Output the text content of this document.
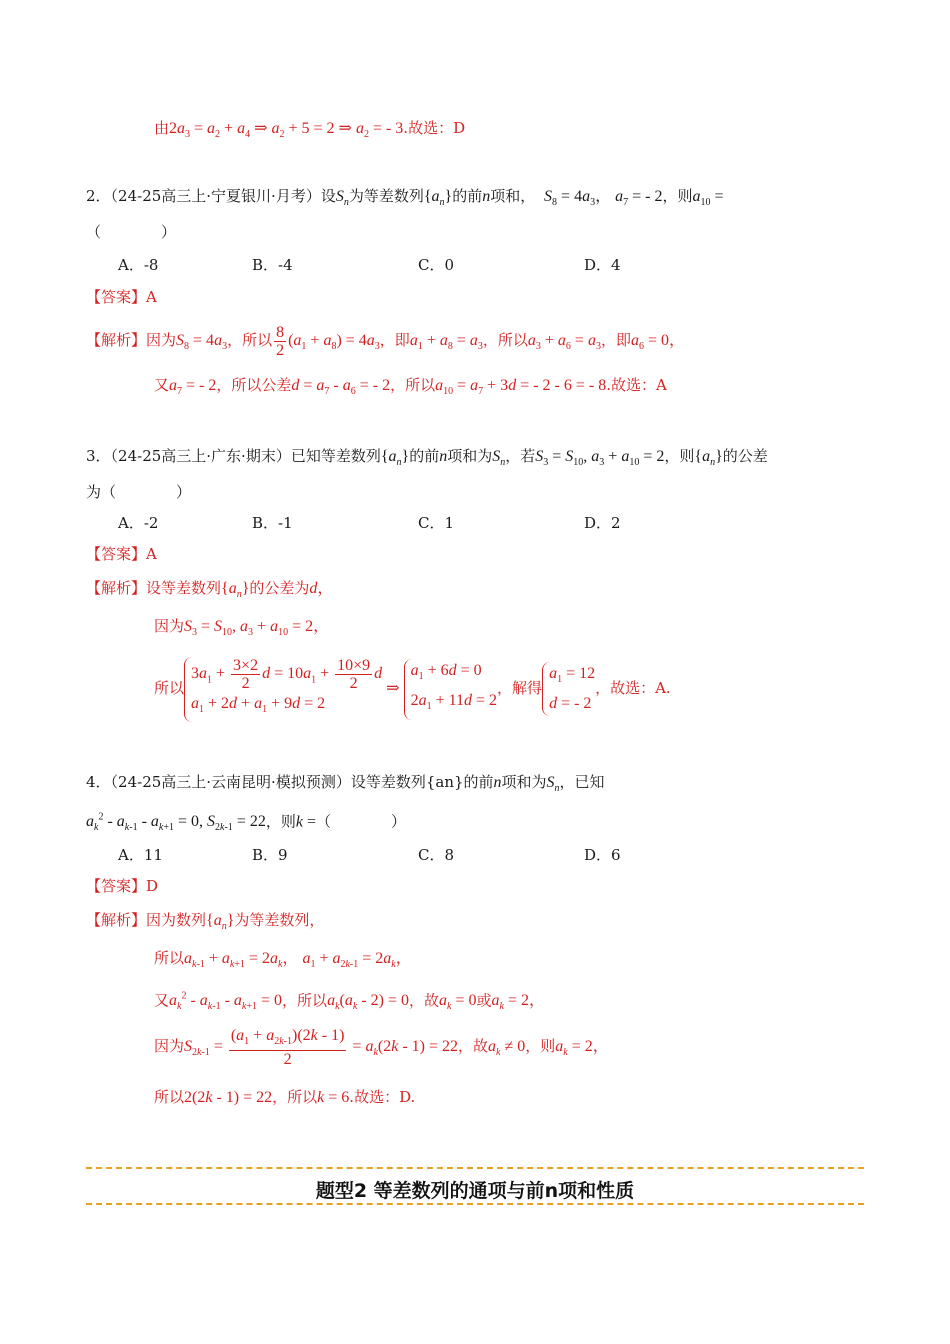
由$2a_3 = a_2 + a_4$ ⇒ $a_2 + 5 = 2$ ⇒ $a_2$ = - 3.故选：D
2．（24-25高三上·宁夏银川·月考）设$S_n$为等差数列$\{a_n\}$的前n项和， $S_8 = 4a_3$， $a_7$ = - 2，则$a_{10}$ =
（　　　　）
A．-8	B．-4	C．0	D．4
【答案】A
【解析】因为$S_8 = 4a_3$，所以 $\frac{8}{2} (a_1 + a_8) = 4a_3$，即$a_1 + a_8 = a_3$，所以$a_3 + a_6 = a_3$，即$a_6 = 0$，
又$a_7$ = - 2，所以公差$d = a_7 - a_6$ = - 2，所以$a_{10} = a_7 + 3d$ = - 2 - 6 = - 8.故选：A
3．（24-25高三上·广东·期末）已知等差数列$\{a_n\}$的前n项和为$S_n$，若$S_3 = S_{10}$, $a_3 + a_{10} = 2$，则$\{a_n\}$的公差
为（　　　　）
A．-2	B．-1	C．1	D．2
【答案】A
【解析】设等差数列$\{a_n\}$的公差为d，
因为$S_3 = S_{10}$, $a_3 + a_{10} = 2$，
所以$3a_1 + \frac{3\times 2}{2}$ $d = 10a_1 + \frac{10\times 9}{2}$ d
$a_1 + 2d + a_1 + 9d = 2$ ⇒ $a_1 + 6d = 0$
$2a_1 + 11d = 2$，解得$a_1 = 12$
d = - 2，故选：A.
4．（24-25高三上·云南昆明·模拟预测）设等差数列{an}的前n项和为$S_n$，已知
$a_k^2 - a_{k-1} - a_{k+1} = 0$, $S_{2k-1} = 22$，则k =（　　　　）
A．11	B．9	C．8	D．6
【答案】D
【解析】因为数列$\{a_n\}$为等差数列，
所以$a_{k-1} + a_{k+1} = 2a_k$， $a_1 + a_{2k-1} = 2a_k$，
又$a_k^2 - a_{k-1} - a_{k+1} = 0$，所以$a_k(a_k - 2) = 0$，故$a_k = 0$或$a_k = 2$，
因为$S_{2k-1} = \frac{(a_1 + a_{2k-1})(2k - 1)}{2} = a_k(2k - 1) = 22$，故$a_k \ne 0$，则$a_k = 2$，
所以2(2k - 1) = 22，所以k = 6.故选：D.
题型2 等差数列的通项与前n项和性质
